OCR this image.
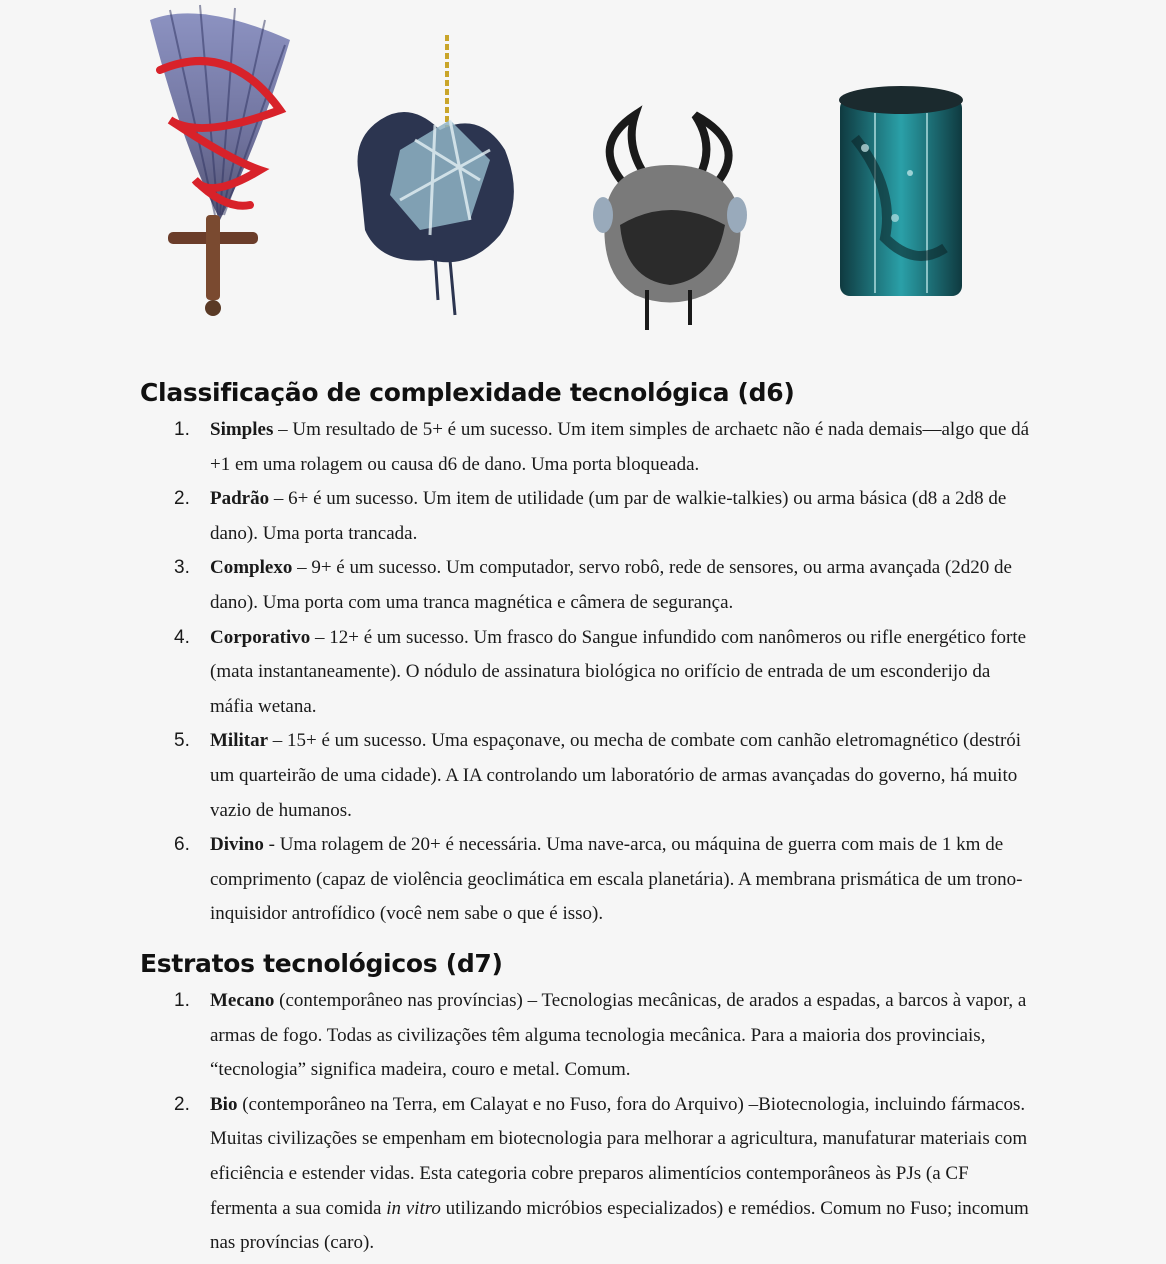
Classificação de complexidade tecnológica (d6)
1. Simples – Um resultado de 5+ é um sucesso. Um item simples de archaetc não é nada demais—algo que dá +1 em uma rolagem ou causa d6 de dano. Uma porta bloqueada.
2. Padrão – 6+ é um sucesso. Um item de utilidade (um par de walkie-talkies) ou arma básica (d8 a 2d8 de dano). Uma porta trancada.
3. Complexo – 9+ é um sucesso. Um computador, servo robô, rede de sensores, ou arma avançada (2d20 de dano). Uma porta com uma tranca magnética e câmera de segurança.
4. Corporativo – 12+ é um sucesso. Um frasco do Sangue infundido com nanômeros ou rifle energético forte (mata instantaneamente). O nódulo de assinatura biológica no orifício de entrada de um esconderijo da máfia wetana.
5. Militar – 15+ é um sucesso. Uma espaçonave, ou mecha de combate com canhão eletromagnético (destrói um quarteirão de uma cidade). A IA controlando um laboratório de armas avançadas do governo, há muito vazio de humanos.
6. Divino - Uma rolagem de 20+ é necessária. Uma nave-arca, ou máquina de guerra com mais de 1 km de comprimento (capaz de violência geoclimática em escala planetária). A membrana prismática de um trono-inquisidor antrofídico (você nem sabe o que é isso).
Estratos tecnológicos (d7)
1. Mecano (contemporâneo nas províncias) – Tecnologias mecânicas, de arados a espadas, a barcos à vapor, a armas de fogo. Todas as civilizações têm alguma tecnologia mecânica. Para a maioria dos provinciais, “tecnologia” significa madeira, couro e metal. Comum.
2. Bio (contemporâneo na Terra, em Calayat e no Fuso, fora do Arquivo) –Biotecnologia, incluindo fármacos. Muitas civilizações se empenham em biotecnologia para melhorar a agricultura, manufaturar materiais com eficiência e estender vidas. Esta categoria cobre preparos alimentícios contemporâneos às PJs (a CF fermenta a sua comida in vitro utilizando micróbios especializados) e remédios. Comum no Fuso; incomum nas províncias (caro).
